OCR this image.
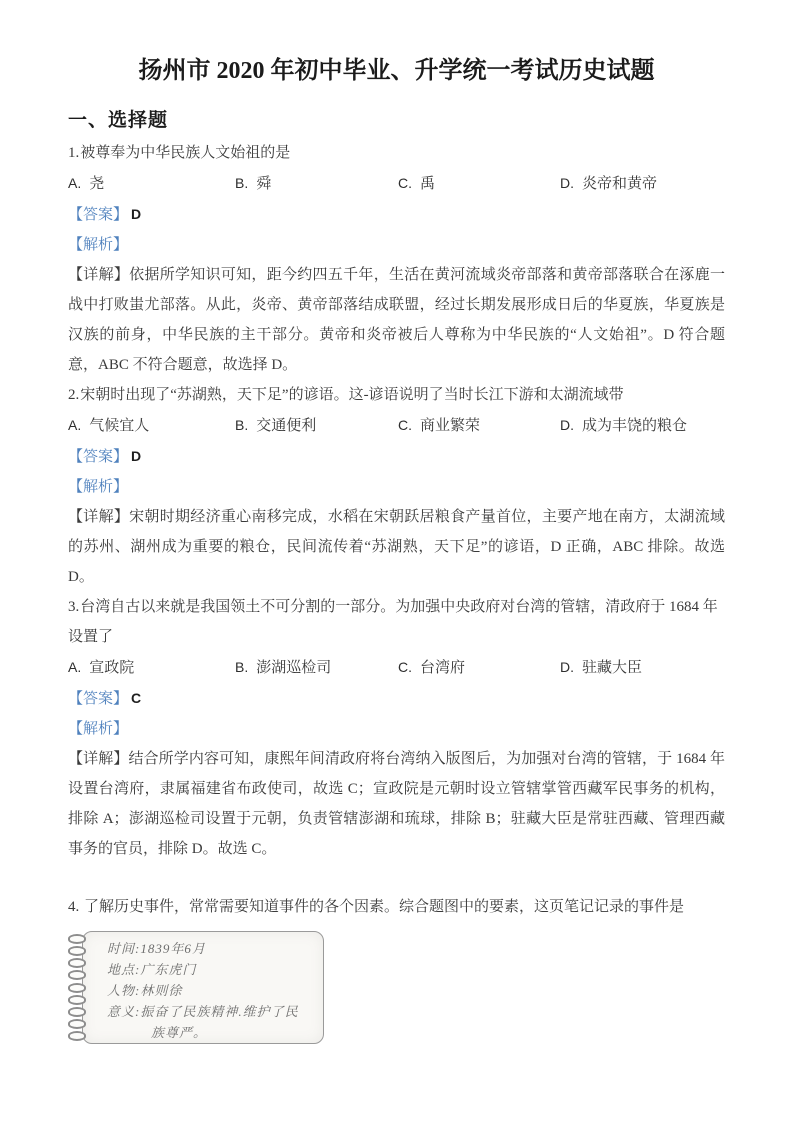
扬州市 2020 年初中毕业、升学统一考试历史试题
一、选择题

1.被尊奉为中华民族人文始祖的是

A. 尧	B. 舜	C. 禹	D. 炎帝和黄帝

【答案】 D

【解析】

【详解】依据所学知识可知，距今约四五千年，生活在黄河流域炎帝部落和黄帝部落联合在涿鹿一战中打败蚩尤部落。从此，炎帝、黄帝部落结成联盟，经过长期发展形成日后的华夏族，华夏族是汉族的前身，中华民族的主干部分。黄帝和炎帝被后人尊称为中华民族的“人文始祖”。D 符合题意，ABC 不符合题意，故选择 D。

2.宋朝时出现了“苏湖熟，天下足”的谚语。这-谚语说明了当时长江下游和太湖流域带

A. 气候宜人	B. 交通便利	C. 商业繁荣	D. 成为丰饶的粮仓

【答案】 D

【解析】

【详解】宋朝时期经济重心南移完成，水稻在宋朝跃居粮食产量首位，主要产地在南方，太湖流域的苏州、湖州成为重要的粮仓，民间流传着“苏湖熟，天下足”的谚语，D 正确，ABC 排除。故选 D。

3.台湾自古以来就是我国领土不可分割的一部分。为加强中央政府对台湾的管辖，清政府于 1684 年设置了

A. 宣政院	B. 澎湖巡检司	C. 台湾府	D. 驻藏大臣

【答案】 C

【解析】

【详解】结合所学内容可知，康熙年间清政府将台湾纳入版图后，为加强对台湾的管辖，于 1684 年设置台湾府，隶属福建省布政使司，故选 C；宣政院是元朝时设立管辖掌管西藏军民事务的机构，排除 A；澎湖巡检司设置于元朝，负责管辖澎湖和琉球，排除 B；驻藏大臣是常驻西藏、管理西藏事务的官员，排除 D。故选 C。

4. 了解历史事件，常常需要知道事件的各个因素。综合题图中的要素，这页笔记记录的事件是

时间:1839年6月

地点:广东虎门

人物:林则徐

意义:振奋了民族精神.维护了民

族尊严。
